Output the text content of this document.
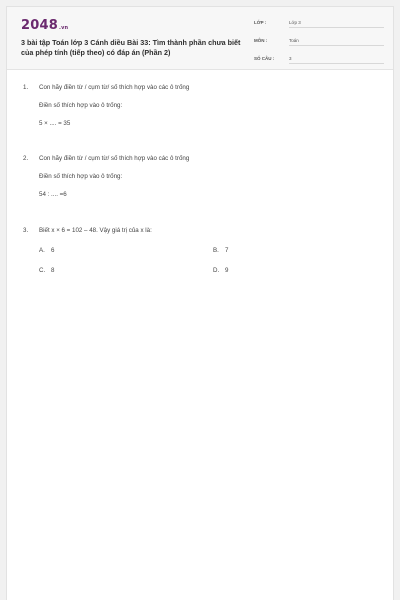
2048.vn
3 bài tập Toán lớp 3 Cánh diều Bài 33: Tìm thành phần chưa biết của phép tính (tiếp theo) có đáp án (Phần 2)
LỚP :	Lớp 3
MÔN :	Toán
SỐ CÂU :	3
1. Con hãy điền từ / cụm từ/ số thích hợp vào các ô trống
Điền số thích hợp vào ô trống:
5 × .... = 35
2. Con hãy điền từ / cụm từ/ số thích hợp vào các ô trống
Điền số thích hợp vào ô trống:
54 : .... =6
3. Biết x × 6 = 102 – 48. Vậy giá trị của x là:
A. 6	B. 7
C. 8	D. 9
